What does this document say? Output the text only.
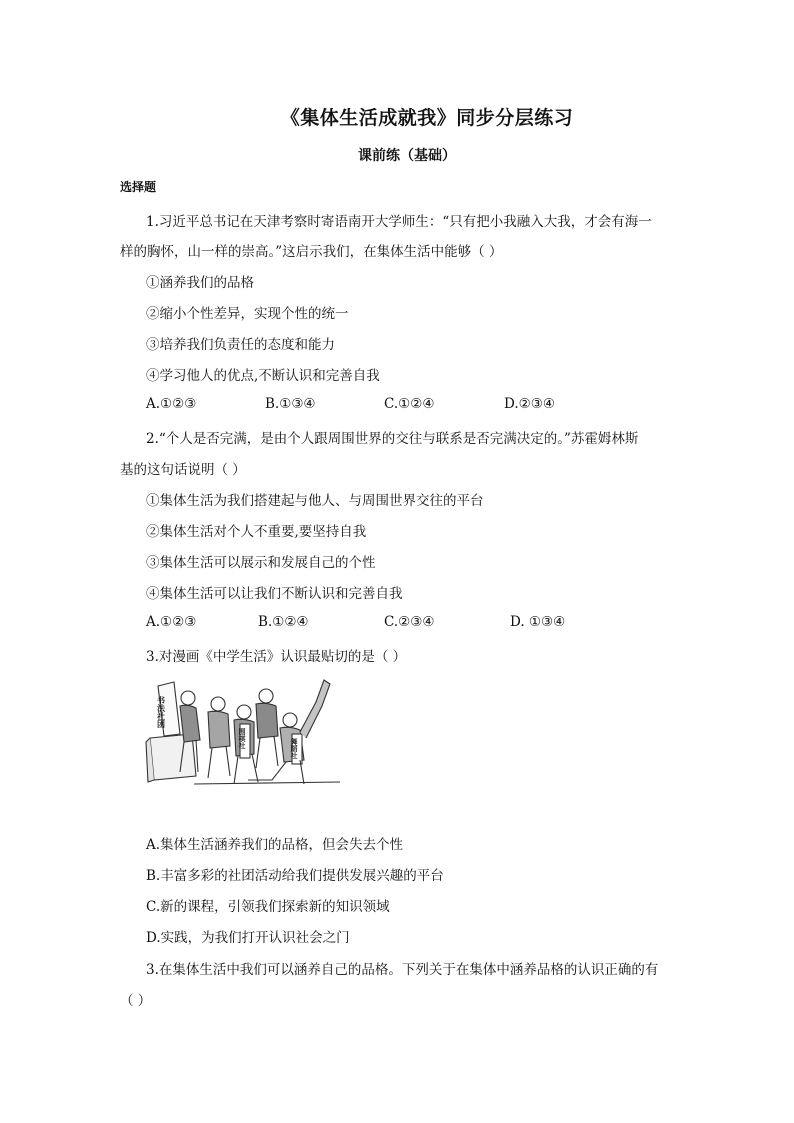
《集体生活成就我》同步分层练习
课前练（基础）
选择题
1.习近平总书记在天津考察时寄语南开大学师生：“只有把小我融入大我，才会有海一
样的胸怀，山一样的崇高。”这启示我们，在集体生活中能够（ ）
①涵养我们的品格
②缩小个性差异，实现个性的统一
③培养我们负责任的态度和能力
④学习他人的优点,不断认识和完善自我
A.①②③	B.①③④	C.①②④	D.②③④
2.“个人是否完满，是由个人跟周围世界的交往与联系是否完满决定的。”苏霍姆林斯
基的这句话说明（ ）
①集体生活为我们搭建起与他人、与周围世界交往的平台
②集体生活对个人不重要,要坚持自我
③集体生活可以展示和发展自己的个性
④集体生活可以让我们不断认识和完善自我
A.①②③	B.①②④	C.②③④	D. ①③④
3.对漫画《中学生活》认识最贴切的是（ ）
书法社团
围棋社	舞蹈社
A.集体生活涵养我们的品格，但会失去个性
B.丰富多彩的社团活动给我们提供发展兴趣的平台
C.新的课程，引领我们探索新的知识领域
D.实践，为我们打开认识社会之门
3.在集体生活中我们可以涵养自己的品格。下列关于在集体中涵养品格的认识正确的有
（ ）
